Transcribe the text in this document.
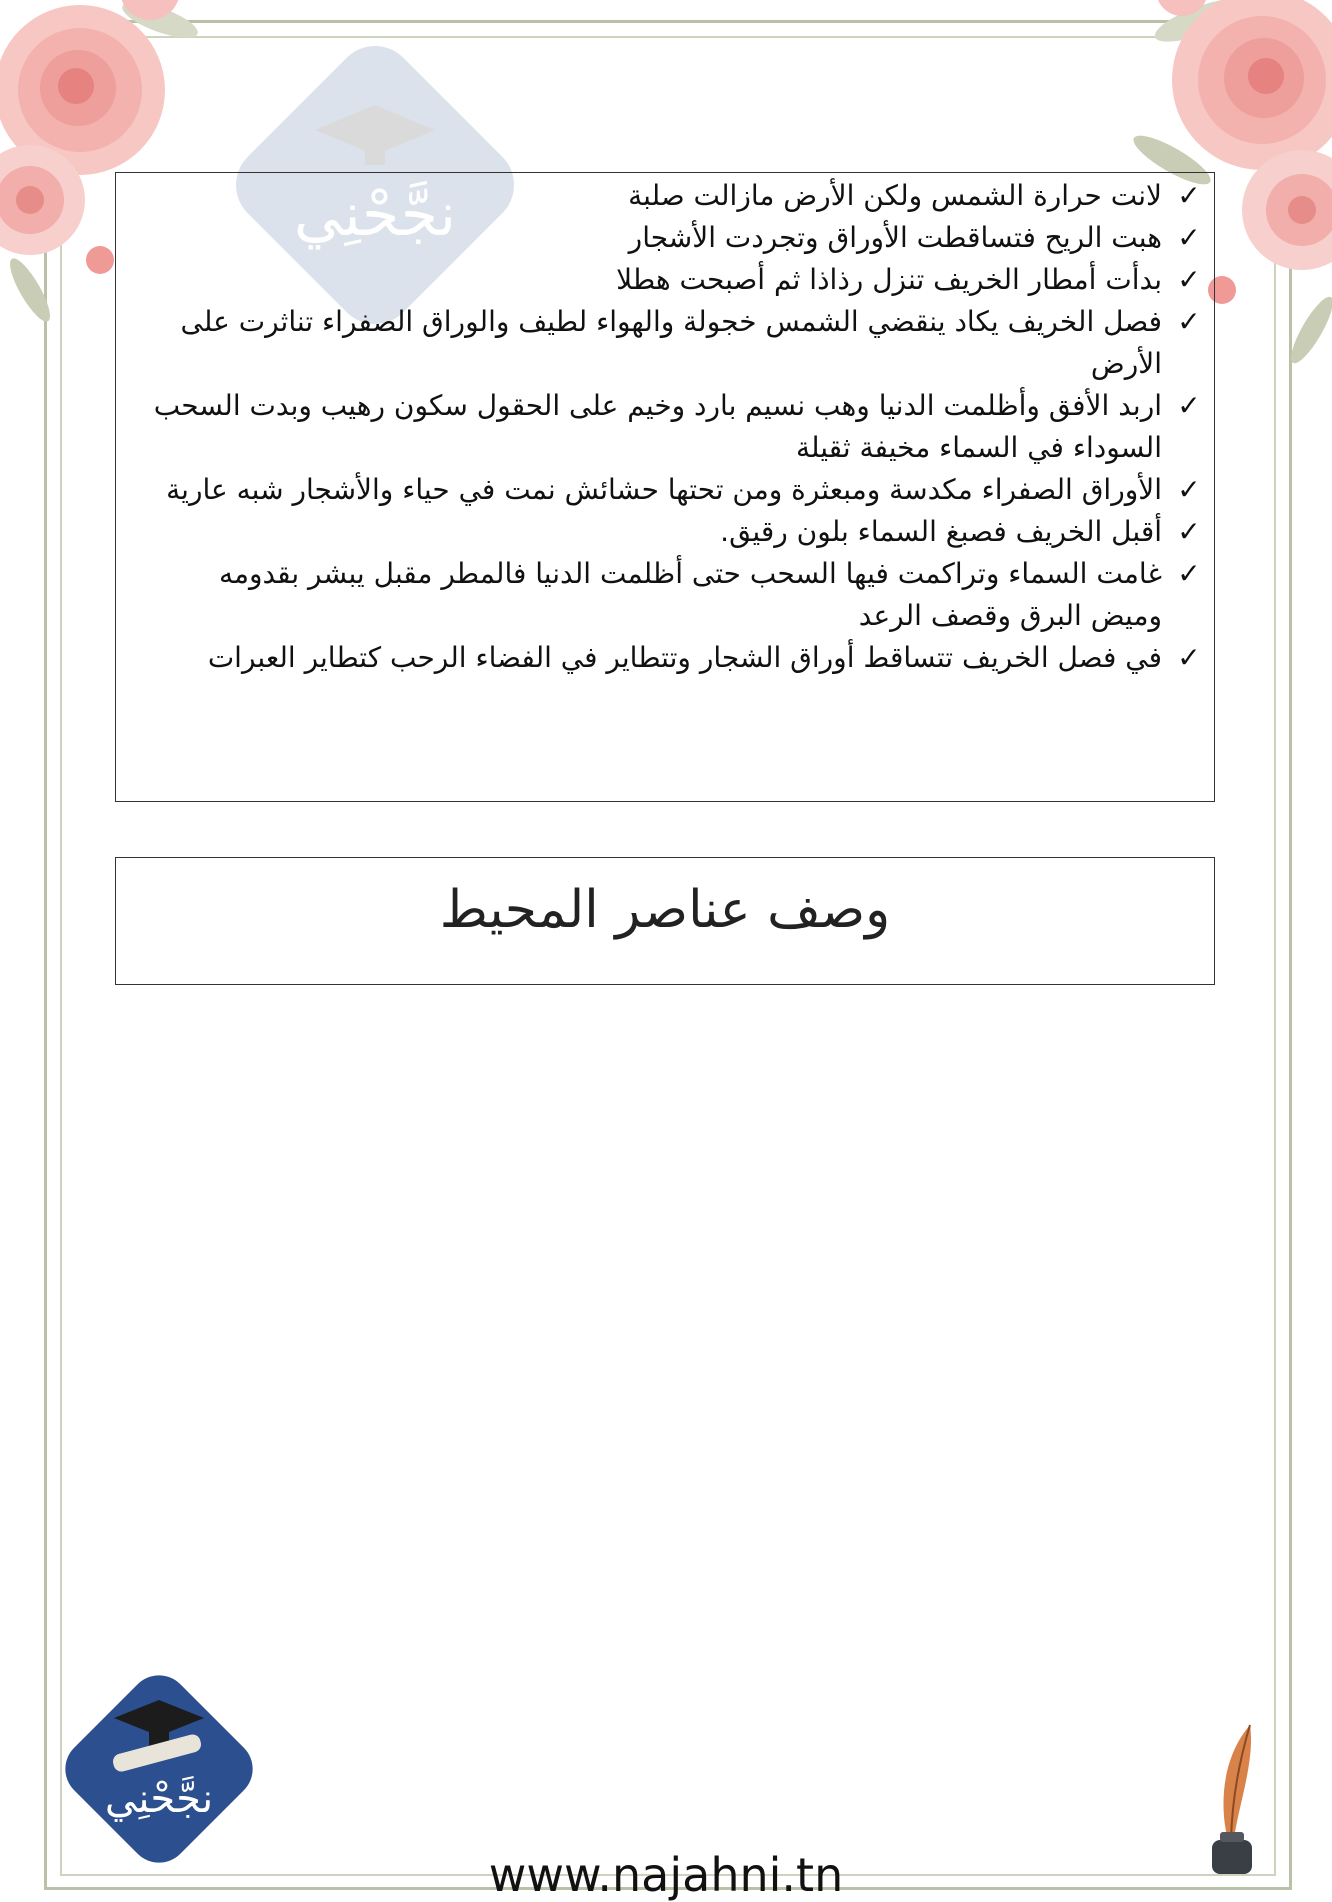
نجَّحْنِي	✓
لانت حرارة الشمس ولكن الأرض مازالت صلبة
✓
هبت الريح فتساقطت الأوراق وتجردت الأشجار
✓
بدأت أمطار الخريف تنزل رذاذا ثم أصبحت هطلا
✓
فصل الخريف يكاد ينقضي الشمس خجولة والهواء لطيف والوراق الصفراء تناثرت على الأرض
✓
اربد الأفق وأظلمت الدنيا وهب نسيم بارد وخيم على الحقول سكون رهيب وبدت السحب السوداء في السماء مخيفة ثقيلة
✓
الأوراق الصفراء مكدسة ومبعثرة ومن تحتها حشائش نمت في حياء والأشجار شبه عارية
✓
أقبل الخريف فصبغ السماء بلون رقيق.
✓
غامت السماء وتراكمت فيها السحب حتى أظلمت الدنيا فالمطر مقبل يبشر بقدومه وميض البرق وقصف الرعد
✓
في فصل الخريف تتساقط أوراق الشجار وتتطاير في الفضاء الرحب كتطاير العبرات
وصف عناصر المحيط
نجَّحْنِي
www.najahni.tn
